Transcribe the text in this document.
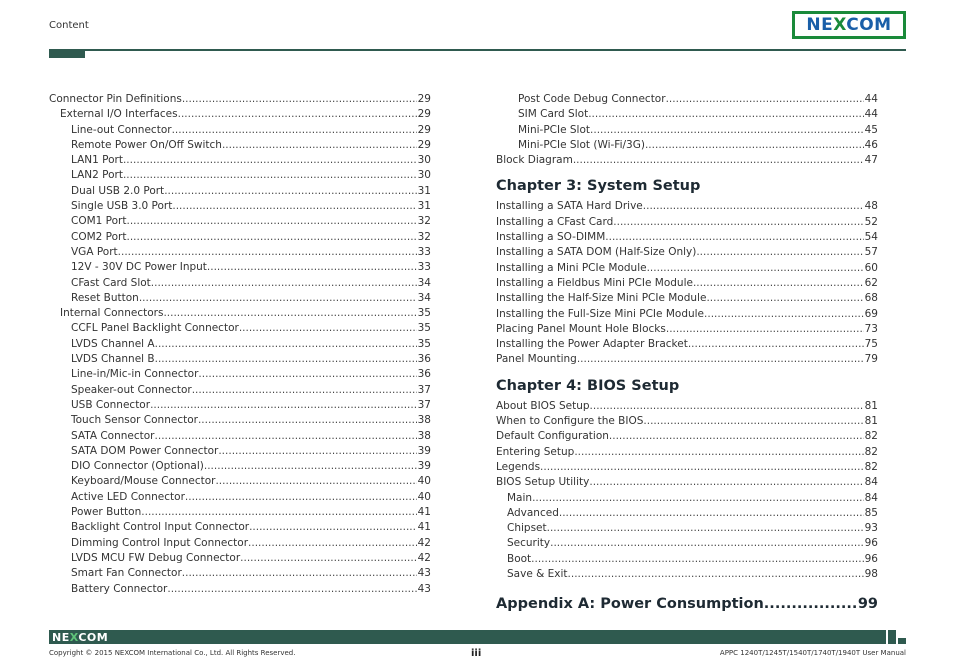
Content	NEXCOM
Connector Pin Definitions .....	29
External I/O Interfaces .....	29
Line-out Connector .....	29
Remote Power On/Off Switch .....	29
LAN1 Port .....	30
LAN2 Port .....	30
Dual USB 2.0 Port .....	31
Single USB 3.0 Port .....	31
COM1 Port .....	32
COM2 Port .....	32
VGA Port .....	33
12V - 30V DC Power Input .....	33
CFast Card Slot .....	34
Reset Button .....	34
Internal Connectors .....	35
CCFL Panel Backlight Connector .....	35
LVDS Channel A .....	35
LVDS Channel B .....	36
Line-in/Mic-in Connector .....	36
Speaker-out Connector .....	37
USB Connector .....	37
Touch Sensor Connector .....	38
SATA Connector .....	38
SATA DOM Power Connector .....	39
DIO Connector (Optional) .....	39
Keyboard/Mouse Connector .....	40
Active LED Connector .....	40
Power Button .....	41
Backlight Control Input Connector .....	41
Dimming Control Input Connector .....	42
LVDS MCU FW Debug Connector .....	42
Smart Fan Connector .....	43
Battery Connector .....	43
Post Code Debug Connector .....	44
SIM Card Slot .....	44
Mini-PCIe Slot .....	45
Mini-PCIe Slot (Wi-Fi/3G) .....	46
Block Diagram .....	47
Chapter 3: System Setup
Installing a SATA Hard Drive .....	48
Installing a CFast Card .....	52
Installing a SO-DIMM .....	54
Installing a SATA DOM (Half-Size Only) .....	57
Installing a Mini PCIe Module .....	60
Installing a Fieldbus Mini PCIe Module .....	62
Installing the Half-Size Mini PCIe Module .....	68
Installing the Full-Size Mini PCIe Module .....	69
Placing Panel Mount Hole Blocks .....	73
Installing the Power Adapter Bracket .....	75
Panel Mounting .....	79
Chapter 4: BIOS Setup
About BIOS Setup .....	81
When to Configure the BIOS .....	81
Default Configuration .....	82
Entering Setup .....	82
Legends .....	82
BIOS Setup Utility .....	84
Main .....	84
Advanced .....	85
Chipset .....	93
Security .....	96
Boot .....	96
Save & Exit .....	98
Appendix A: Power Consumption .....	99
NEXCOM
Copyright © 2015 NEXCOM International Co., Ltd. All Rights Reserved.	iii	APPC 1240T/1245T/1540T/1740T/1940T User Manual
